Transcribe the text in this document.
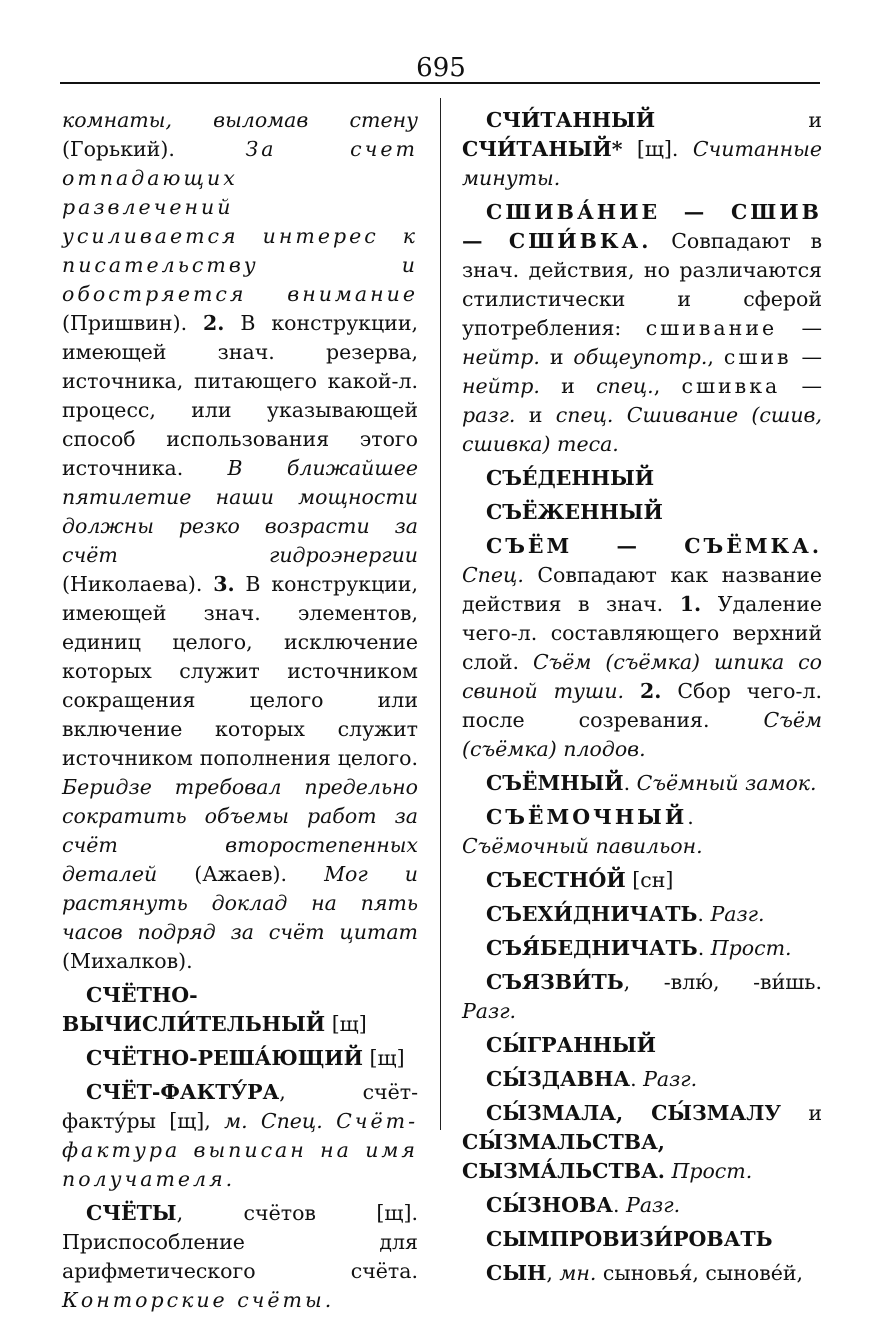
695

комнаты, выломав стену (Горький). За счет отпадающих развлечений усиливается интерес к писательству и обостряется внимание (Пришвин). 2. В конструкции, имеющей знач. резерва, источника, питающего какой-л. процесс, или указывающей способ использования этого источника. В ближайшее пятилетие наши мощности должны резко возрасти за счёт гидроэнергии (Николаева). 3. В конструкции, имеющей знач. элементов, единиц целого, исключение которых служит источником сокращения целого или включение которых служит источником пополнения целого. Беридзе требовал предельно сократить объемы работ за счёт второстепенных деталей (Ажаев). Мог и растянуть доклад на пять часов подряд за счёт цитат (Михалков).

СЧЁТНО-ВЫЧИСЛИ́ТЕЛЬНЫЙ [щ]

СЧЁТНО-РЕША́ЮЩИЙ [щ]

СЧЁТ-ФАКТУ́РА, счёт-факту́ры [щ], м. Спец. Счёт-фактура выписан на имя получателя.

СЧЁТЫ, счётов [щ]. Приспособление для арифметического счёта. Конторские счёты.

СЧИ́ТАННЫЙ и СЧИ́ТАНЫЙ* [щ]. Считанные минуты.

СШИВА́НИЕ — СШИВ — СШИ́ВКА. Совпадают в знач. действия, но различаются стилистически и сферой употребления: сшивание — нейтр. и общеупотр., сшив — нейтр. и спец., сшивка — разг. и спец. Сшивание (сшив, сшивка) теса.

СЪЕ́ДЕННЫЙ

СЪЁЖЕННЫЙ

СЪЁМ — СЪЁМКА. Спец. Совпадают как название действия в знач. 1. Удаление чего-л. составляющего верхний слой. Съём (съёмка) шпика со свиной туши. 2. Сбор чего-л. после созревания. Съём (съёмка) плодов.

СЪЁМНЫЙ. Съёмный замок.

СЪЁМОЧНЫЙ. Съёмочный павильон.

СЪЕСТНО́Й [сн]

СЪЕХИ́ДНИЧАТЬ. Разг.

СЪЯ́БЕДНИЧАТЬ. Прост.

СЪЯЗВИ́ТЬ, -влю́, -ви́шь. Разг.

СЫ́ГРАННЫЙ

СЫ́ЗДАВНА. Разг.

СЫ́ЗМАЛА, СЫ́ЗМАЛУ и СЫ́ЗМАЛЬСТВА, СЫЗМА́ЛЬСТВА. Прост.

СЫ́ЗНОВА. Разг.

СЫМПРОВИЗИ́РОВАТЬ

СЫН, мн. сыновья́, сынове́й,
